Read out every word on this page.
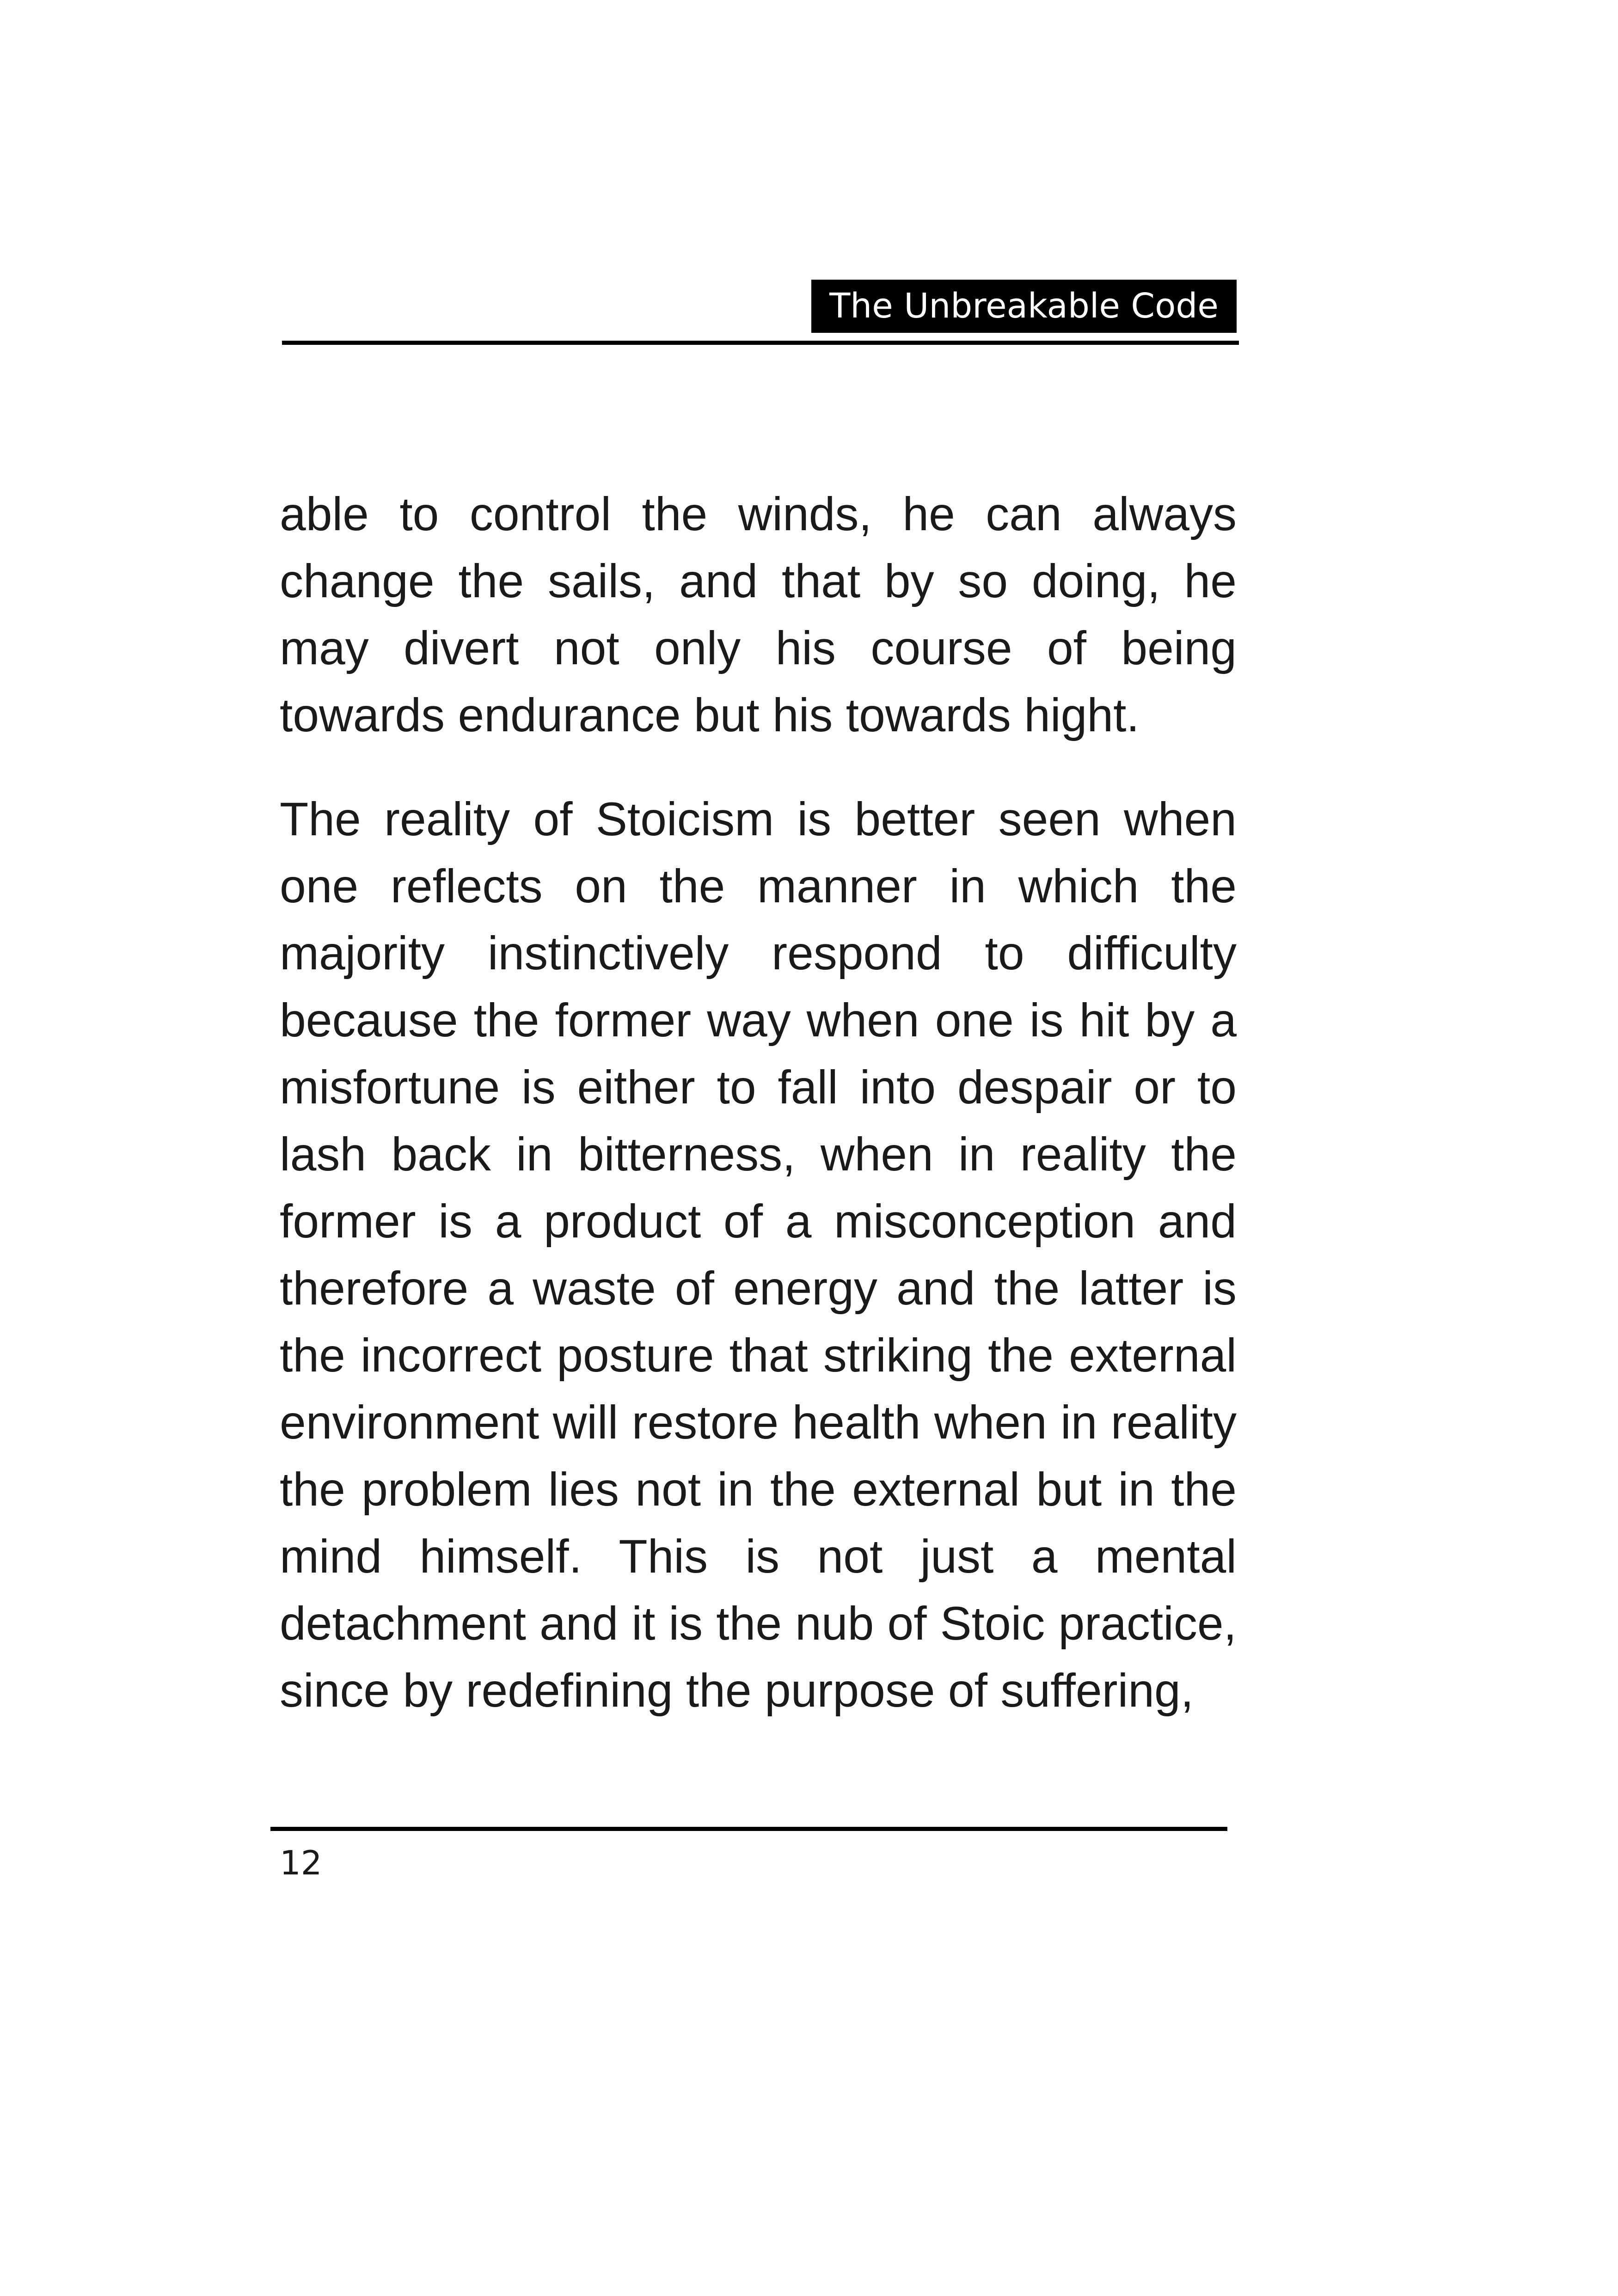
The Unbreakable Code

able to control the winds, he can always change the sails, and that by so doing, he may divert not only his course of being towards endurance but his towards hight.

The reality of Stoicism is better seen when one reflects on the manner in which the majority instinctively respond to difficulty because the former way when one is hit by a misfortune is either to fall into despair or to lash back in bitterness, when in reality the former is a product of a misconception and therefore a waste of energy and the latter is the incorrect posture that striking the external environment will restore health when in reality the problem lies not in the external but in the mind himself. This is not just a mental detachment and it is the nub of Stoic practice, since by redefining the purpose of suffering,

12
